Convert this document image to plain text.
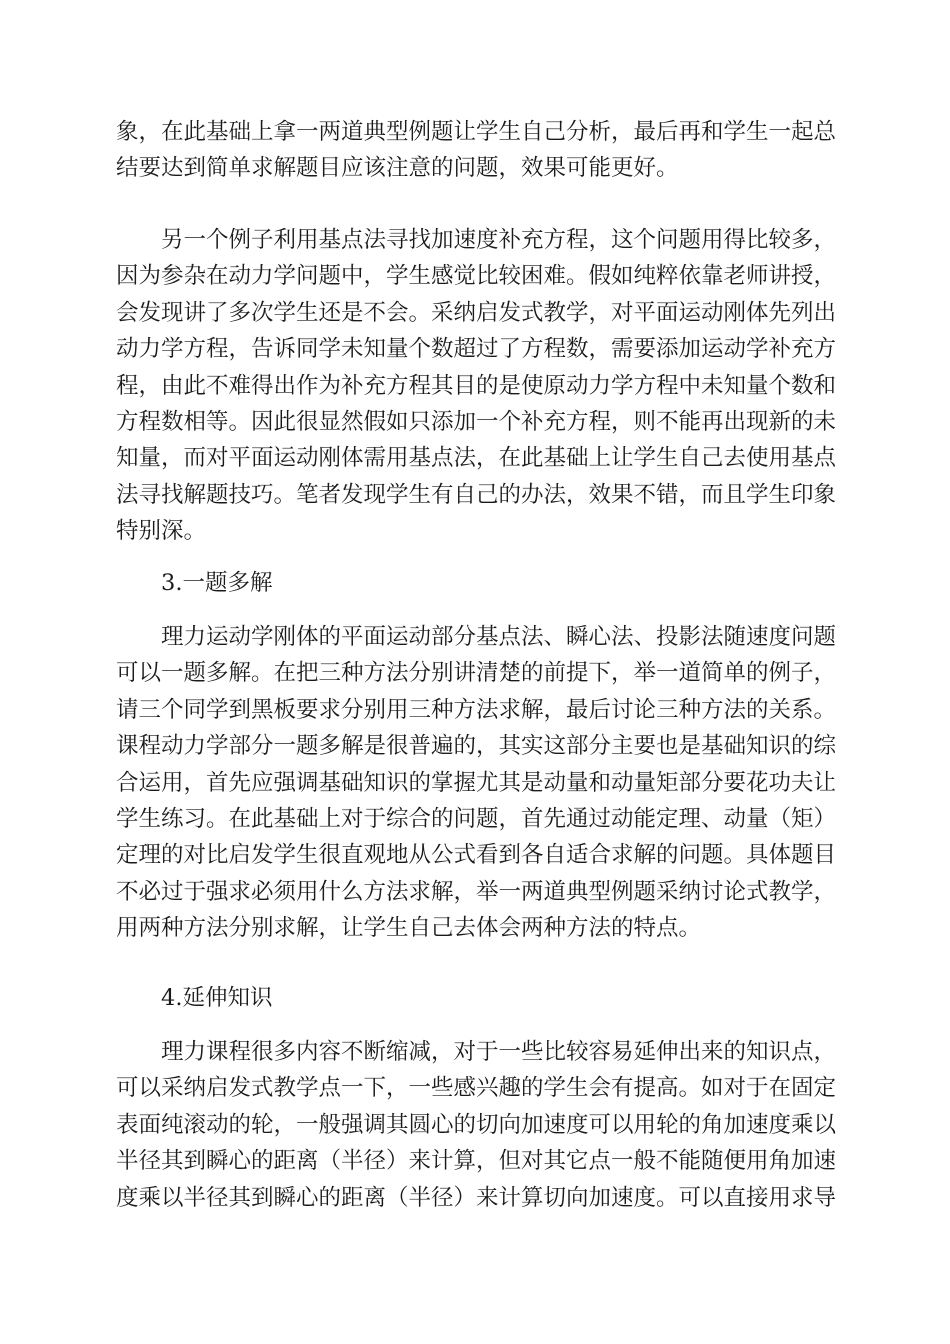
象，在此基础上拿一两道典型例题让学生自己分析，最后再和学生一起总
结要达到简单求解题目应该注意的问题，效果可能更好。
另一个例子利用基点法寻找加速度补充方程，这个问题用得比较多，
因为参杂在动力学问题中，学生感觉比较困难。假如纯粹依靠老师讲授，
会发现讲了多次学生还是不会。采纳启发式教学，对平面运动刚体先列出
动力学方程，告诉同学未知量个数超过了方程数，需要添加运动学补充方
程，由此不难得出作为补充方程其目的是使原动力学方程中未知量个数和
方程数相等。因此很显然假如只添加一个补充方程，则不能再出现新的未
知量，而对平面运动刚体需用基点法，在此基础上让学生自己去使用基点
法寻找解题技巧。笔者发现学生有自己的办法，效果不错，而且学生印象
特别深。
3.一题多解
理力运动学刚体的平面运动部分基点法、瞬心法、投影法随速度问题
可以一题多解。在把三种方法分别讲清楚的前提下，举一道简单的例子，
请三个同学到黑板要求分别用三种方法求解，最后讨论三种方法的关系。
课程动力学部分一题多解是很普遍的，其实这部分主要也是基础知识的综
合运用，首先应强调基础知识的掌握尤其是动量和动量矩部分要花功夫让
学生练习。在此基础上对于综合的问题，首先通过动能定理、动量（矩）
定理的对比启发学生很直观地从公式看到各自适合求解的问题。具体题目
不必过于强求必须用什么方法求解，举一两道典型例题采纳讨论式教学，
用两种方法分别求解，让学生自己去体会两种方法的特点。
4.延伸知识
理力课程很多内容不断缩减，对于一些比较容易延伸出来的知识点，
可以采纳启发式教学点一下，一些感兴趣的学生会有提高。如对于在固定
表面纯滚动的轮，一般强调其圆心的切向加速度可以用轮的角加速度乘以
半径其到瞬心的距离（半径）来计算，但对其它点一般不能随便用角加速
度乘以半径其到瞬心的距离（半径）来计算切向加速度。可以直接用求导
